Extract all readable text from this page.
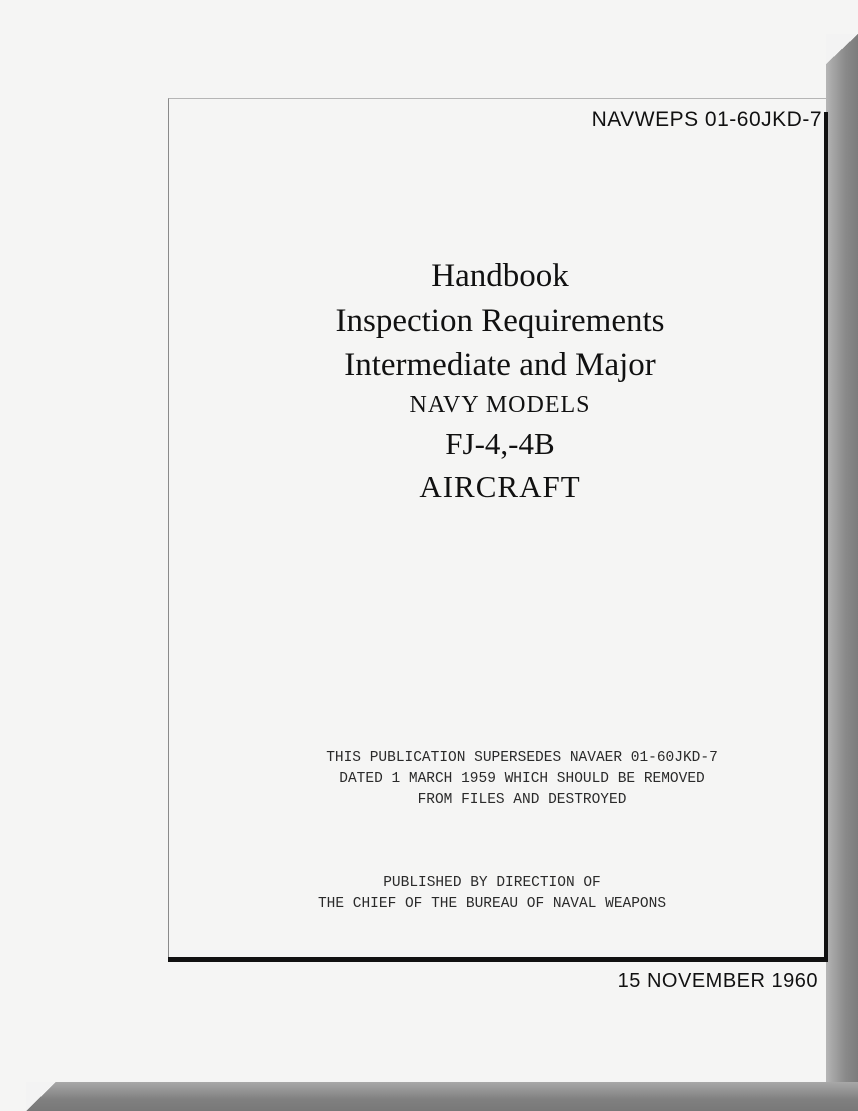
NAVWEPS 01-60JKD-7
Handbook
Inspection Requirements
Intermediate and Major
NAVY MODELS
FJ-4,-4B
AIRCRAFT
THIS PUBLICATION SUPERSEDES NAVAER 01-60JKD-7
DATED 1 MARCH 1959 WHICH SHOULD BE REMOVED
FROM FILES AND DESTROYED
PUBLISHED BY DIRECTION OF
THE CHIEF OF THE BUREAU OF NAVAL WEAPONS
15 NOVEMBER 1960
